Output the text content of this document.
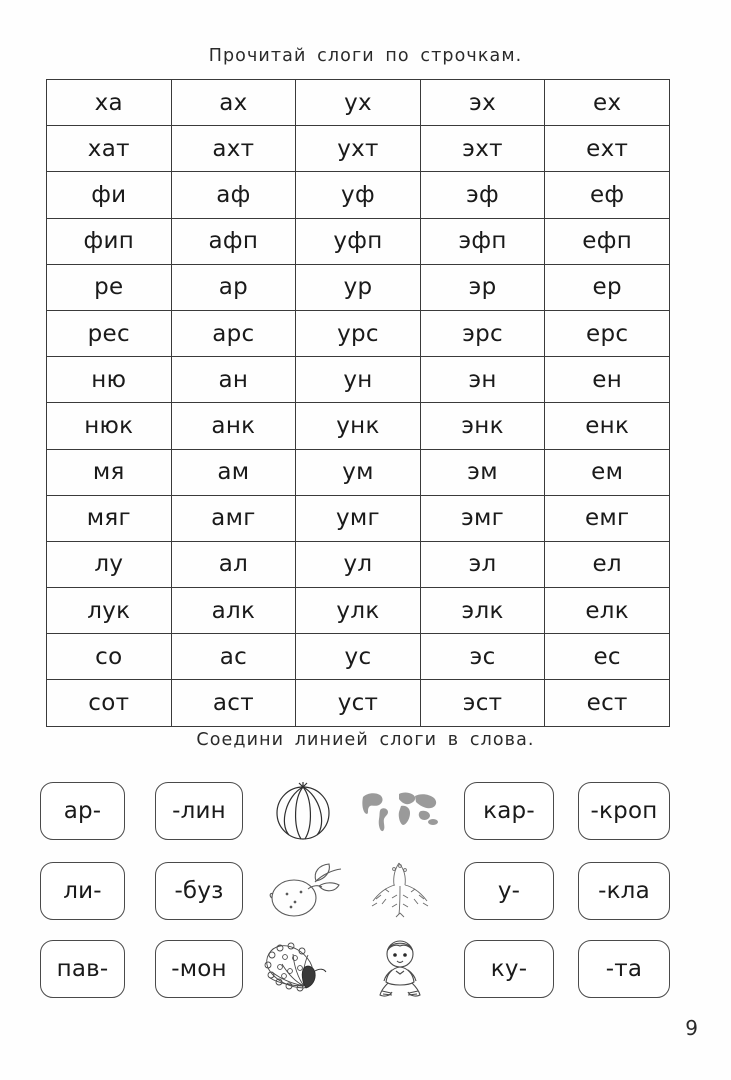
Прочитай слоги по строчкам.
ха	ах	ух	эх	ех
хат	ахт	ухт	эхт	ехт
фи	аф	уф	эф	еф
фип	афп	уфп	эфп	ефп
ре	ар	ур	эр	ер
рес	арс	урс	эрс	ерс
ню	ан	ун	эн	ен
нюк	анк	унк	энк	енк
мя	ам	ум	эм	ем
мяг	амг	умг	эмг	емг
лу	ал	ул	эл	ел
лук	алк	улк	элк	елк
со	ас	ус	эс	ес
сот	аст	уст	эст	ест
Соедини линией слоги в слова.
ар-	-лин	кар-	-кроп
ли-	-буз	у-	-кла
пав-	-мон	ку-	-та
9
